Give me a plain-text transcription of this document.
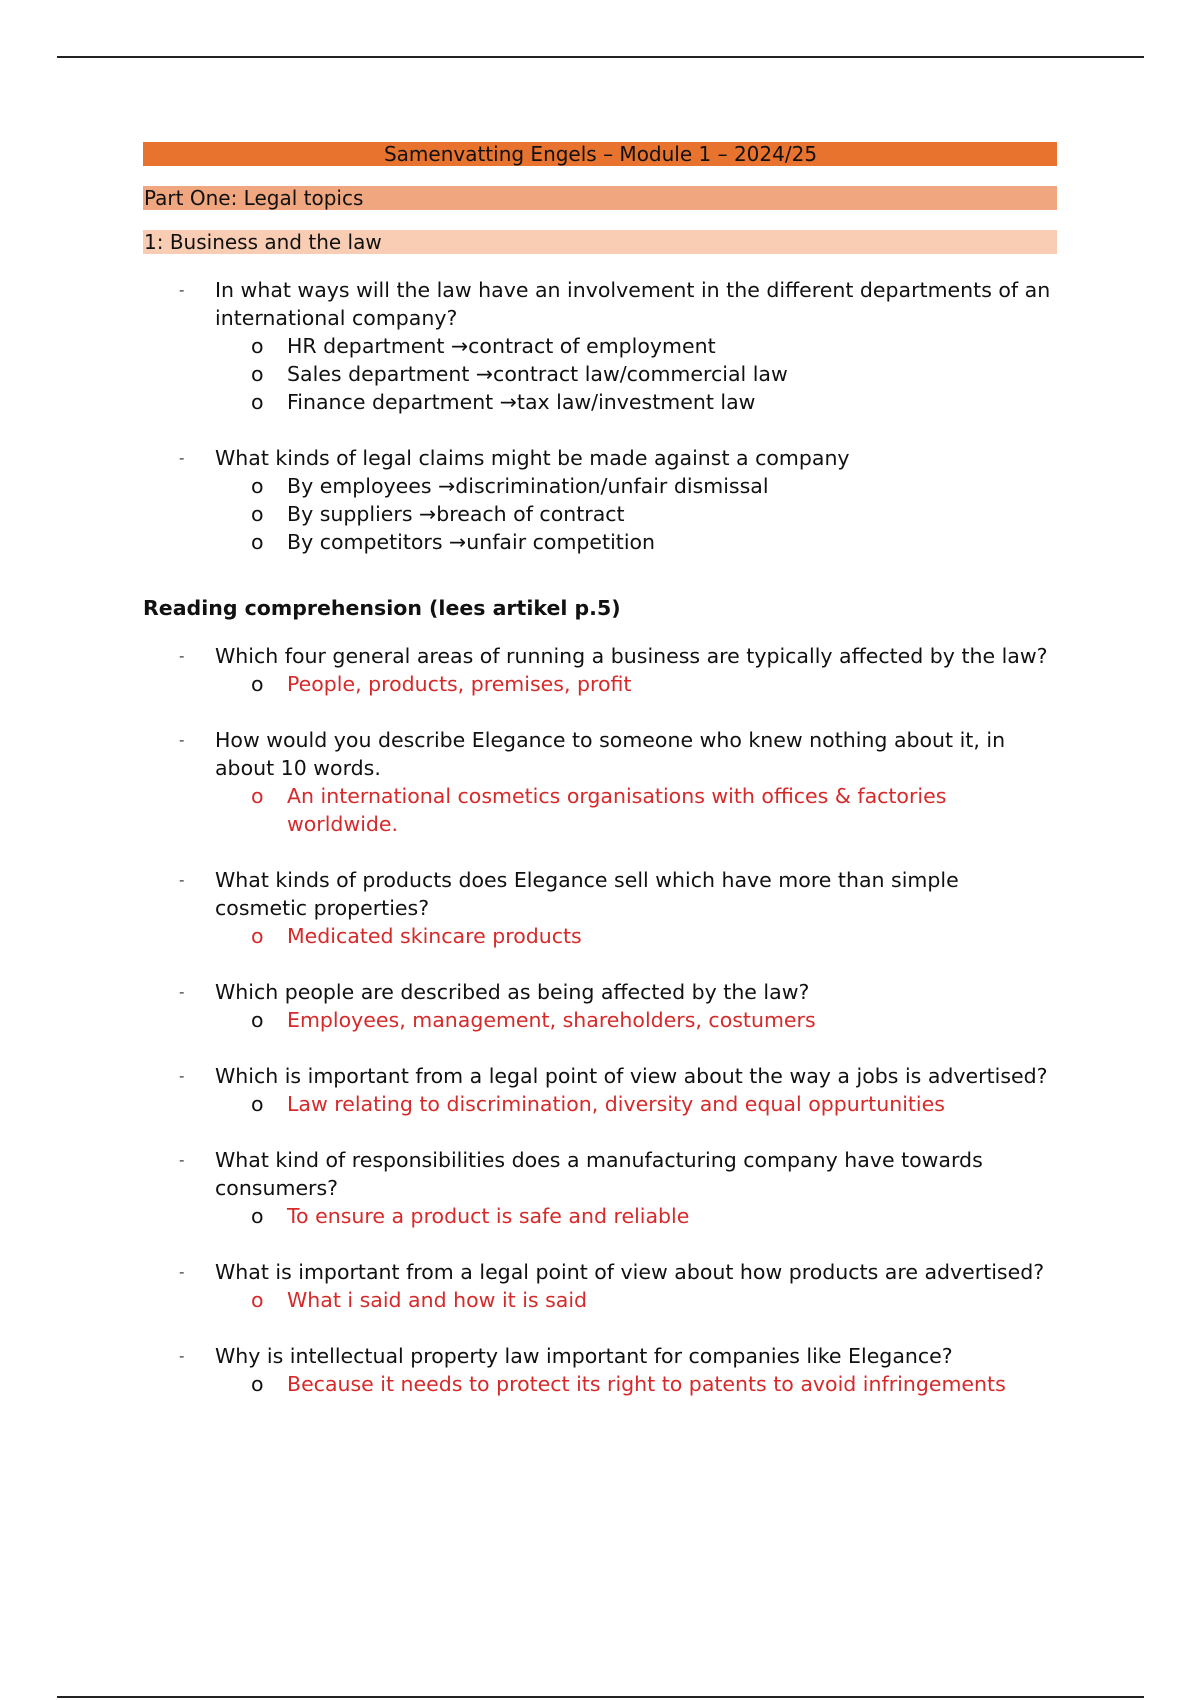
Samenvatting Engels – Module 1 – 2024/25
Part One: Legal topics
1: Business and the law
- In what ways will the law have an involvement in the different departments of an international company?
o HR department →contract of employment
o Sales department →contract law/commercial law
o Finance department →tax law/investment law
- What kinds of legal claims might be made against a company
o By employees →discrimination/unfair dismissal
o By suppliers →breach of contract
o By competitors →unfair competition
Reading comprehension (lees artikel p.5)
- Which four general areas of running a business are typically affected by the law?
o People, products, premises, profit
- How would you describe Elegance to someone who knew nothing about it, in about 10 words.
o An international cosmetics organisations with offices & factories worldwide.
- What kinds of products does Elegance sell which have more than simple cosmetic properties?
o Medicated skincare products
- Which people are described as being affected by the law?
o Employees, management, shareholders, costumers
- Which is important from a legal point of view about the way a jobs is advertised?
o Law relating to discrimination, diversity and equal oppurtunities
- What kind of responsibilities does a manufacturing company have towards consumers?
o To ensure a product is safe and reliable
- What is important from a legal point of view about how products are advertised?
o What i said and how it is said
- Why is intellectual property law important for companies like Elegance?
o Because it needs to protect its right to patents to avoid infringements
